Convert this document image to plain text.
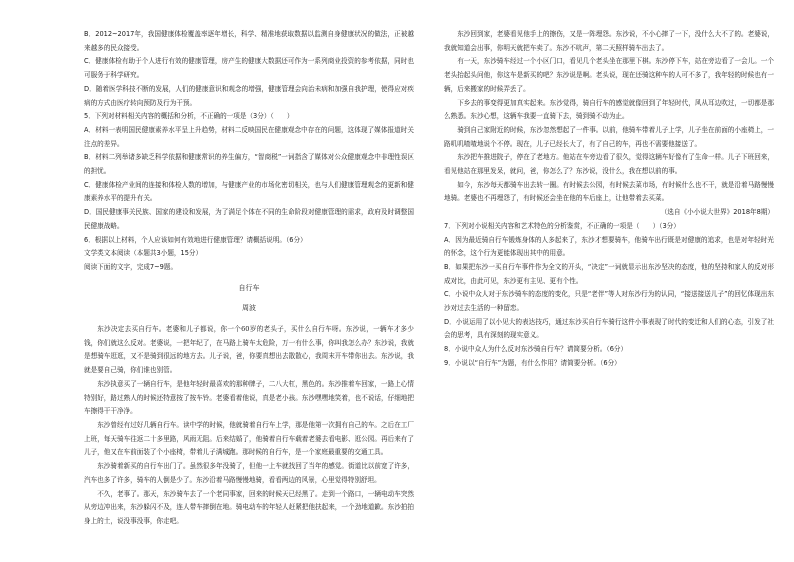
B．2012~2017年，我国健康体检覆盖率逐年增长，科学、精准地获取数据以监测自身健康状况的做法，正被越来越多的民众接受。

C．健康体检有助于个人进行有效的健康管理，房产生的健康大数据还可作为一系列商业投资的参考依据，同时也可服务于科学研究。

D．随着医学科技不断的发展，人们的健康意识和观念的增强，健康管理会向治未病和加强自我护理，使得应对疾病的方式由医疗转向预防及行为干预。

5．下列对材料相关内容的概括和分析，不正确的一项是（3分）（　　）

A．材料一表明国民健康素养水平呈上升趋势，材料二反映国民在健康观念中存在的问题，这体现了媒体报道时关注点的差异。

B．材料二列举诸多缺乏科学依据和健康常识的养生偏方，“智商税”一词指含了媒体对公众健康观念中非理性误区的担忧。

C．健康体检产业间的连接和体检人数的增加，与健康产业的市场化密切相关，也与人们健康管理观念的更新和健康素养水平的提升有关。

D．国民健康事关民族、国家的建设和发展，为了满足个体在不同的生命阶段对健康管理的需求，政府及时调整国民健康战略。

6．根据以上材料，个人应该如何有效地进行健康管理？请概括说明。（6分）

文学类文本阅读（本题共3小题，15分）

阅读下面的文字，完成7~9题。

自行车

周波

东沙决定去买自行车。老婆和儿子都说，你一个60岁的老头子，买什么自行车呀。东沙说，一辆车才多少钱，你们就这么反对。老婆说，一把年纪了，在马路上骑车太危险，万一有什么事，你叫我怎么办？东沙说，我就是想骑车逛逛，又不是骑到很远的地方去。儿子说，爸，你要真想出去散散心，我周末开车带你出去。东沙说，我就是要自己骑，你们谁也别管。

东沙执意买了一辆自行车，是他年轻时最喜欢的那种牌子，二八大杠，黑色的。东沙推着车回家，一路上心情特别好，路过熟人的时候还特意按了按车铃。老婆看着他说，真是老小孩。东沙嘿嘿地笑着，也不说话，仔细地把车擦得干干净净。

东沙曾经有过好几辆自行车。读中学的时候，他就骑着自行车上学，那是他第一次拥有自己的车。之后在工厂上班，每天骑车往返二十多里路，风雨无阻。后来结婚了，他骑着自行车载着老婆去看电影、逛公园。再后来有了儿子，他又在车前面装了个小座椅，带着儿子满城跑。那时候的自行车，是一个家庭最重要的交通工具。

东沙骑着新买的自行车出门了。虽然很多年没骑了，但他一上车就找回了当年的感觉。街道比以前宽了许多，汽车也多了许多，骑车的人倒是少了。东沙沿着马路慢慢地骑，看看两边的风景，心里觉得特别舒坦。

不久，老事了。那天，东沙骑车去了一个老同事家，回来的时候天已经黑了。走到一个路口，一辆电动车突然从旁边冲出来，东沙躲闪不及，连人带车摔倒在地。骑电动车的年轻人赶紧把他扶起来，一个劲地道歉。东沙拍拍身上的土，说没事没事，你走吧。

东沙回到家，老婆看见他手上的擦伤，又是一阵埋怨。东沙说，不小心摔了一下，没什么大不了的。老婆说，我就知道会出事，你明天就把车卖了。东沙不吭声，第二天照样骑车出去了。

有一天，东沙骑车经过一个小区门口，看见几个老头坐在那里下棋。东沙停下车，站在旁边看了一会儿。一个老头抬起头问他，你这车是新买的吧？东沙说是啊。老头说，现在还骑这种车的人可不多了，我年轻的时候也有一辆，后来搬家的时候弄丢了。

下乡去的事变得更加真实起来。东沙觉得，骑自行车的感觉就像回到了年轻时代，风从耳边吹过，一切都是那么熟悉。东沙心想，这辆车我要一直骑下去，骑到骑不动为止。

骑到自己家附近的时候，东沙忽然想起了一件事。以前，他骑车带着儿子上学，儿子坐在前面的小座椅上，一路叽叽喳喳地说个不停。现在，儿子已经长大了，有了自己的车，再也不需要他接送了。

东沙把车推进院子，停在了老地方。他站在车旁边看了很久，觉得这辆车好像有了生命一样。儿子下班回来，看见他站在那里发呆，就问，爸，你怎么了？东沙说，没什么，我在想以前的事。

如今，东沙每天都骑车出去转一圈。有时候去公园，有时候去菜市场，有时候什么也不干，就是沿着马路慢慢地骑。老婆也不再埋怨了，有时候还会坐在他的车后座上，让他带着去买菜。

（选自《小小说大世界》2018年8期）

7．下列对小说相关内容和艺术特色的分析鉴赏，不正确的一项是（　　）（3分）

A．因为最近骑自行车锻炼身体的人多起来了，东沙才想要骑车，他骑车出行既是对健康的追求，也是对年轻时光的怀念，这个行为更能体现出其中的用意。

B．如果把东沙一买自行车事件作为全文的开头，“决定”一词就显示出东沙坚决的态度，他的坚持和家人的反对形成对比，由此可见，东沙更有主见、更有个性。

C．小说中众人对于东沙骑车的态度的变化，只是“老伴”等人对东沙行为的认同，“接送接送儿子”的回忆体现出东沙对过去生活的一种留恋。

D．小说运用了以小见大的表达技巧，通过东沙买自行车骑行这件小事表现了时代的变迁和人们的心态，引发了社会的思考，具有深刻的现实意义。

8．小说中众人为什么反对东沙骑自行车？请简要分析。（6分）

9．小说以“自行车”为题，有什么作用？请简要分析。（6分）
